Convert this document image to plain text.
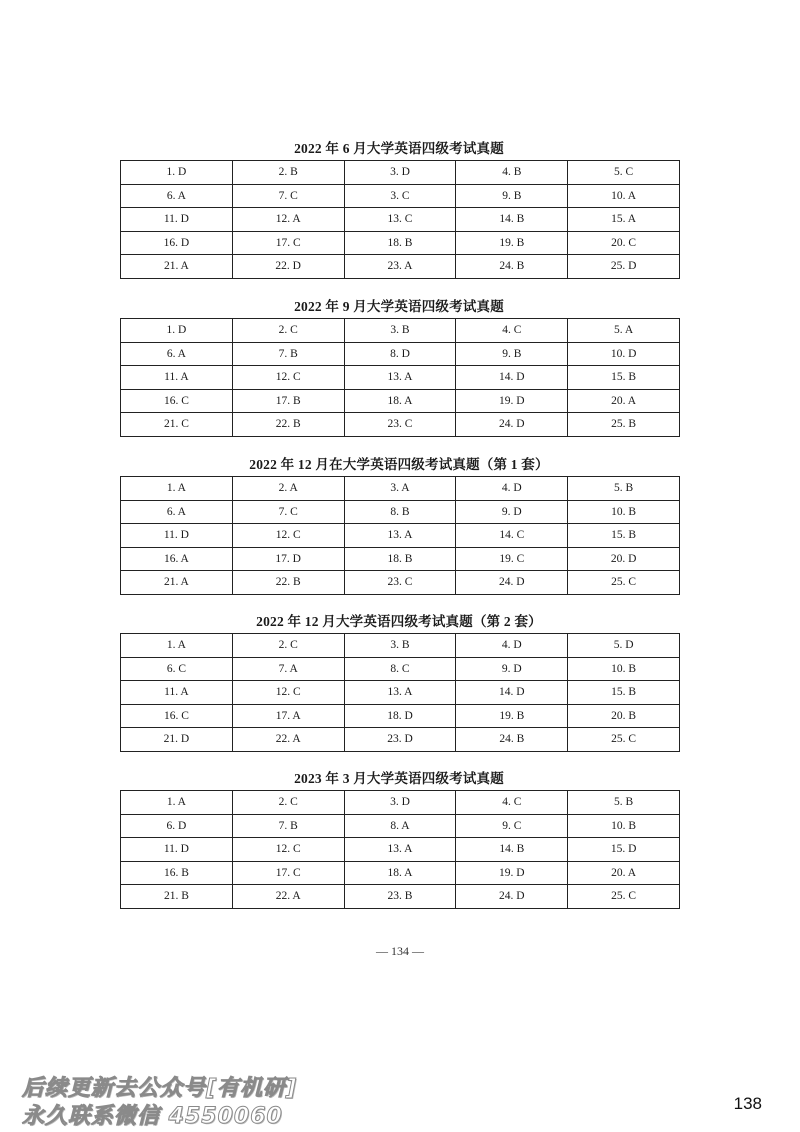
2022 年 6 月大学英语四级考试真题
1. D	2. B	3. D	4. B	5. C
6. A	7. C	3. C	9. B	10. A
11. D	12. A	13. C	14. B	15. A
16. D	17. C	18. B	19. B	20. C
21. A	22. D	23. A	24. B	25. D
2022 年 9 月大学英语四级考试真题
1. D	2. C	3. B	4. C	5. A
6. A	7. B	8. D	9. B	10. D
11. A	12. C	13. A	14. D	15. B
16. C	17. B	18. A	19. D	20. A
21. C	22. B	23. C	24. D	25. B
2022 年 12 月在大学英语四级考试真题（第 1 套）
1. A	2. A	3. A	4. D	5. B
6. A	7. C	8. B	9. D	10. B
11. D	12. C	13. A	14. C	15. B
16. A	17. D	18. B	19. C	20. D
21. A	22. B	23. C	24. D	25. C
2022 年 12 月大学英语四级考试真题（第 2 套）
1. A	2. C	3. B	4. D	5. D
6. C	7. A	8. C	9. D	10. B
11. A	12. C	13. A	14. D	15. B
16. C	17. A	18. D	19. B	20. B
21. D	22. A	23. D	24. B	25. C
2023 年 3 月大学英语四级考试真题
1. A	2. C	3. D	4. C	5. B
6. D	7. B	8. A	9. C	10. B
11. D	12. C	13. A	14. B	15. D
16. B	17. C	18. A	19. D	20. A
21. B	22. A	23. B	24. D	25. C
— 134 —
后续更新去公众号[有机研]
永久联系微信 4550060
138
